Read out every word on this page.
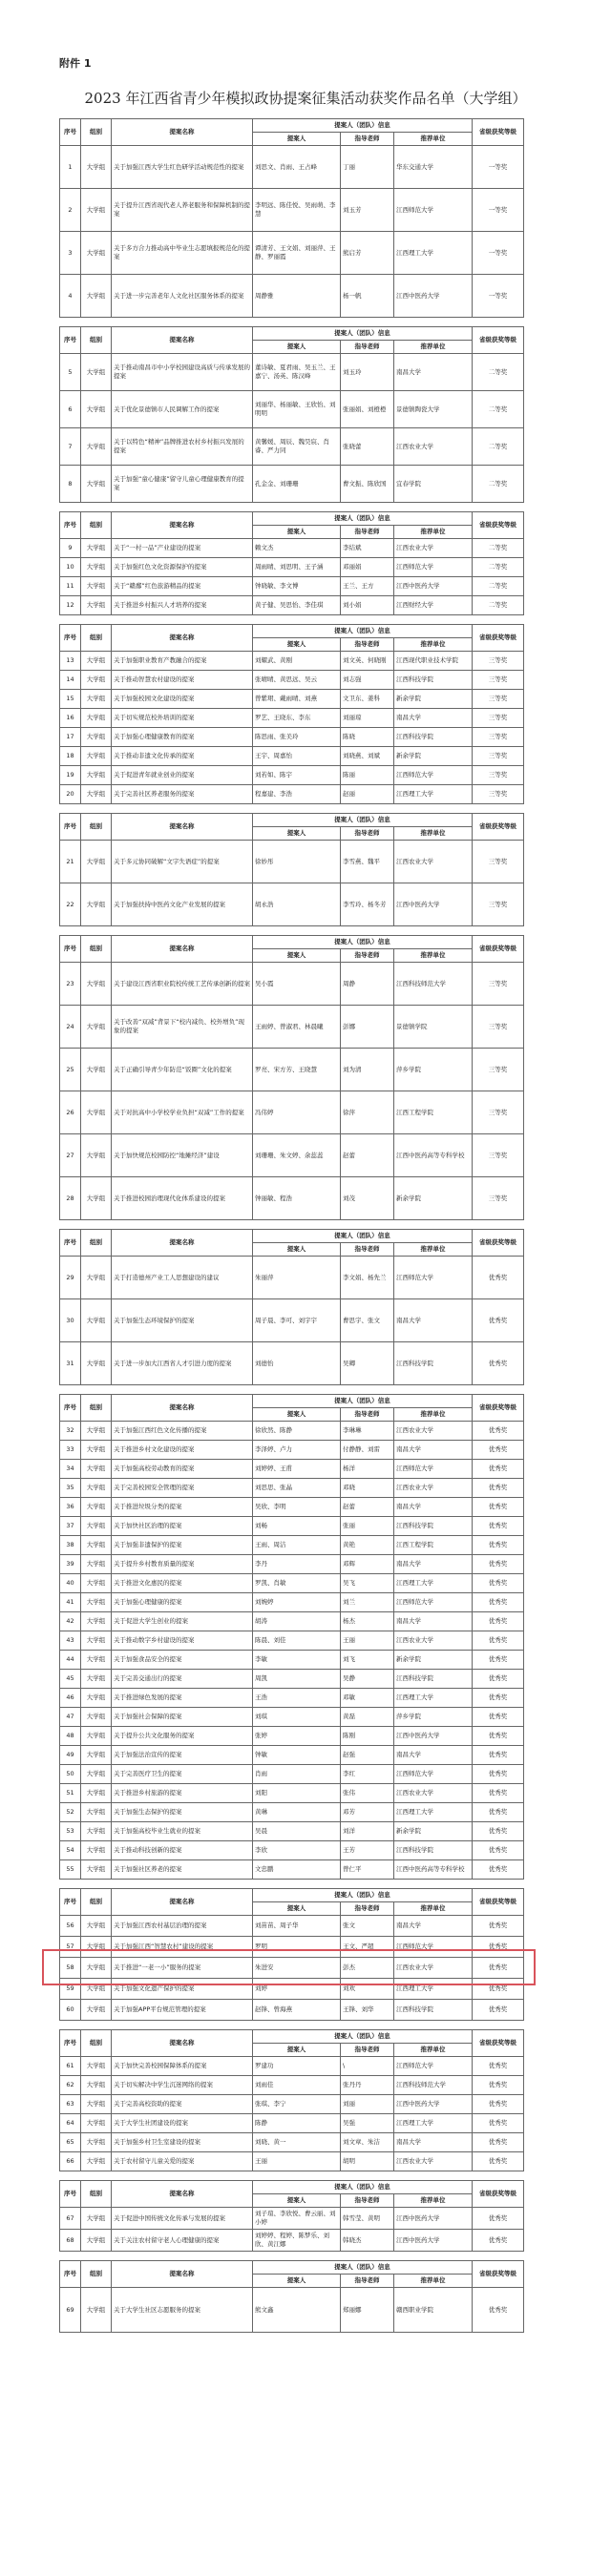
附件 1
2023 年江西省青少年模拟政协提案征集活动获奖作品名单（大学组）
序号	组别	提案名称	提案人（团队）信息			省级获奖等级
			提案人	指导老师	推荐单位	
1	大学组	关于加强江西大学生红色研学活动规范性的提案	刘思文、肖雨、王占峰	丁丽	华东交通大学	一等奖
2	大学组	关于提升江西省现代老人养老服务和保障机制的提案	李明远、陈佳悦、吴雨萌、李慧	刘玉芳	江西师范大学	一等奖
3	大学组	关于多方合力推动高中毕业生志愿填报规范化的提案	谭清芳、王文娟、刘丽萍、王静、罗丽霞	熊启芳	江西理工大学	一等奖
4	大学组	关于进一步完善老年人文化社区服务体系的提案	周静雅	杨一帆	江西中医药大学	一等奖
序号	组别	提案名称	提案人（团队）信息			省级获奖等级
			提案人	指导老师	推荐单位	
5	大学组	关于推动南昌市中小学校园建设高质与传承发展的提案	董诗敏、夏君雨、吴玉兰、王嘉宁、汤英、陈汉峰	刘玉玲	南昌大学	二等奖
6	大学组	关于优化景德镇市人民调解工作的提案	刘丽华、杨丽敏、王欣怡、刘明明	张丽娟、刘橙橙	景德镇陶瓷大学	二等奖
7	大学组	关于以特色“精神”品牌推进农村乡村振兴发展的提案	黄馨媛、周辰、魏昊宸、肖睿、严力同	张晓蕾	江西农业大学	二等奖
8	大学组	关于加强“童心健康”留守儿童心理健康教育的提案	孔金金、刘珊珊	曹文振、陈欣国	宜春学院	二等奖
序号	组别	提案名称	提案人（团队）信息			省级获奖等级
			提案人	指导老师	推荐单位	
9	大学组	关于“一村一品”产业建设的提案	赖文杰	李结斌	江西农业大学	二等奖
10	大学组	关于加强红色文化资源保护的提案	周雨晴、刘思明、王子涵	邓丽娟	江西师范大学	二等奖
11	大学组	关于“赣鄱”红色旅游精品的提案	钟晓敏、李文博	王兰、王方	江西中医药大学	二等奖
12	大学组	关于推进乡村振兴人才培养的提案	黄子健、吴思怡、李佳琪	刘小娟	江西财经大学	二等奖
序号	组别	提案名称	提案人（团队）信息			省级获奖等级
			提案人	指导老师	推荐单位	
13	大学组	关于加强职业教育产教融合的提案	刘耀武、黄刚	刘文英、何晓刚	江西现代职业技术学院	三等奖
14	大学组	关于推动智慧农村建设的提案	张晴晴、黄思远、吴云	刘志强	江西科技学院	三等奖
15	大学组	关于加强校园文化建设的提案	曾紫珺、戴雨晴、刘燕	文卫东、姜科	新余学院	三等奖
16	大学组	关于切实规范校外培训的提案	罗艺、王晓东、李东	刘丽琼	南昌大学	三等奖
17	大学组	关于加强心理健康教育的提案	陈思雨、张美玲	陈晓	江西科技学院	三等奖
18	大学组	关于推动非遗文化传承的提案	王宇、周嘉怡	刘晓燕、刘斌	新余学院	三等奖
19	大学组	关于促进青年就业创业的提案	刘若如、陈宇	陈丽	江西师范大学	三等奖
20	大学组	关于完善社区养老服务的提案	程嘉建、李浩	赵丽	江西理工大学	三等奖
序号	组别	提案名称	提案人（团队）信息			省级获奖等级
			提案人	指导老师	推荐单位	
21	大学组	关于多元协同破解“文字失语症”的提案	徐妙彤	李雪燕、魏平	江西农业大学	三等奖
22	大学组	关于加强扶持中医药文化产业发展的提案	胡永浩	李雪玲、杨冬芳	江西中医药大学	三等奖
序号	组别	提案名称	提案人（团队）信息			省级获奖等级
			提案人	指导老师	推荐单位	
23	大学组	关于建设江西省职业院校传统工艺传承创新的提案	吴小霞	周静	江西科技师范大学	三等奖
24	大学组	关于改善“双减”背景下“校内减负、校外增负”现象的提案	王雨婷、曾淑君、林晨曦	彭娜	景德镇学院	三等奖
25	大学组	关于正确引导青少年防范“饭圈”文化的提案	罗亮、宋方芳、王晓慧	刘为清	萍乡学院	三等奖
26	大学组	关于对抗高中小学校学业负担“双减”工作的提案	冯伟婷	徐萍	江西工程学院	三等奖
27	大学组	关于加快规范校园防控“地摊经济”建设	刘珊珊、朱文婷、余蕊蕊	赵蕾	江西中医药高等专科学校	三等奖
28	大学组	关于推进校园治理现代化体系建设的提案	钟丽敏、程浩	刘茂	新余学院	三等奖
序号	组别	提案名称	提案人（团队）信息			省级获奖等级
			提案人	指导老师	推荐单位	
29	大学组	关于打造德州产业工人思想建设的建议	朱丽萍	李文娟、杨先兰	江西师范大学	优秀奖
30	大学组	关于加强生态环境保护的提案	周子晨、李可、刘宇宇	曹思宇、张文	南昌大学	优秀奖
31	大学组	关于进一步加大江西省人才引进力度的提案	刘德怡	吴卿	江西科技学院	优秀奖
序号	组别	提案名称	提案人（团队）信息			省级获奖等级
			提案人	指导老师	推荐单位	
32	大学组	关于加强江西红色文化传播的提案	徐欣然、陈静	李琳琳	江西农业大学	优秀奖
33	大学组	关于推进乡村文化建设的提案	李泽婷、卢力	付静静、刘雷	南昌大学	优秀奖
34	大学组	关于加强高校劳动教育的提案	刘婷婷、王甫	杨洋	江西师范大学	优秀奖
35	大学组	关于完善校园安全管理的提案	刘思思、张晶	邓晓	江西农业大学	优秀奖
36	大学组	关于推进垃圾分类的提案	吴欣、李明	赵蕾	南昌大学	优秀奖
37	大学组	关于加快社区治理的提案	刘畅	张丽	江西科技学院	优秀奖
38	大学组	关于加强非遗保护的提案	王雨、周洁	黄艳	江西工程学院	优秀奖
39	大学组	关于提升乡村教育质量的提案	李丹	邓辉	南昌大学	优秀奖
40	大学组	关于推进文化惠民的提案	罗凯、肖敏	吴飞	江西理工大学	优秀奖
41	大学组	关于加强心理健康的提案	刘婉婷	刘兰	江西师范大学	优秀奖
42	大学组	关于促进大学生创业的提案	胡涛	杨杰	南昌大学	优秀奖
43	大学组	关于推动数字乡村建设的提案	陈晨、刘佳	王丽	江西农业大学	优秀奖
44	大学组	关于加强食品安全的提案	李敏	刘飞	新余学院	优秀奖
45	大学组	关于完善交通出行的提案	周凯	吴静	江西科技学院	优秀奖
46	大学组	关于推进绿色发展的提案	王浩	邓敏	江西理工大学	优秀奖
47	大学组	关于加强社会保障的提案	刘琪	黄磊	萍乡学院	优秀奖
48	大学组	关于提升公共文化服务的提案	张婷	陈刚	江西中医药大学	优秀奖
49	大学组	关于加强法治宣传的提案	钟敏	赵强	南昌大学	优秀奖
50	大学组	关于完善医疗卫生的提案	肖雨	李红	江西师范大学	优秀奖
51	大学组	关于推进乡村旅游的提案	刘阳	张伟	江西农业大学	优秀奖
52	大学组	关于加强生态保护的提案	黄琳	邓芳	江西理工大学	优秀奖
53	大学组	关于加强高校毕业生就业的提案	吴晨	刘洋	新余学院	优秀奖
54	大学组	关于推动科技创新的提案	李欣	王芳	江西科技学院	优秀奖
55	大学组	关于加强社区养老的提案	文忠鹏	曾仁平	江西中医药高等专科学校	优秀奖
序号	组别	提案名称	提案人（团队）信息			省级获奖等级
			提案人	指导老师	推荐单位	
56	大学组	关于加强江西农村基层治理的提案	刘苗苗、周子华	张文	南昌大学	优秀奖
57	大学组	关于加强江西“智慧农村”建设的提案	罗明	王文、严超	江西师范大学	优秀奖
58	大学组	关于推进“一老一小”服务的提案	朱进安	彭杰	江西农业大学	优秀奖
59	大学组	关于加强文化遗产保护的提案	刘婷	刘欢	江西理工大学	优秀奖
60	大学组	关于加强APP平台规范管理的提案	赵锋、曾海燕	王锋、刘华	江西科技学院	优秀奖
序号	组别	提案名称	提案人（团队）信息			省级获奖等级
			提案人	指导老师	推荐单位	
61	大学组	关于加快完善校园保障体系的提案	罗建功	\	江西师范大学	优秀奖
62	大学组	关于切实解决中学生沉迷网络的提案	刘雨佳	张丹丹	江西科技师范大学	优秀奖
63	大学组	关于完善高校资助的提案	张琪、李宁	刘丽	江西中医药大学	优秀奖
64	大学组	关于大学生社团建设的提案	陈静	吴强	江西理工大学	优秀奖
65	大学组	关于加强乡村卫生室建设的提案	刘晓、黄一	刘文章、朱洁	南昌大学	优秀奖
66	大学组	关于农村留守儿童关爱的提案	王丽	胡明	江西农业大学	优秀奖
序号	组别	提案名称	提案人（团队）信息			省级获奖等级
			提案人	指导老师	推荐单位	
67	大学组	关于促进中国传统文化传承与发展的提案	刘子瑄、李欣悦、曹云丽、刘小婷	韩雪莹、黄明	江西中医药大学	优秀奖
68	大学组	关于关注农村留守老人心理健康的提案	刘婷婷、程婷、陈梦乐、刘欣、黄江娜	韩晓杰	江西中医药大学	优秀奖
序号	组别	提案名称	提案人（团队）信息			省级获奖等级
			提案人	指导老师	推荐单位	
69	大学组	关于大学生社区志愿服务的提案	熊文鑫	郑丽娜	赣西职业学院	优秀奖
